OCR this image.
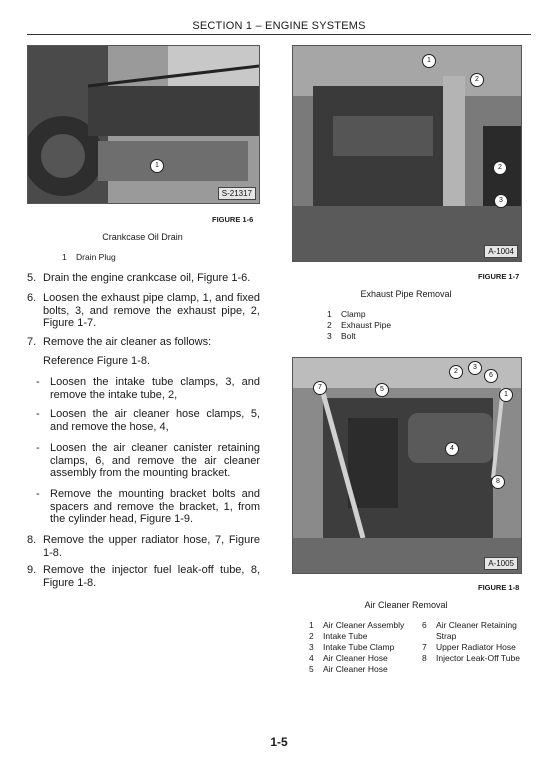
SECTION 1 – ENGINE SYSTEMS
1
S-21317
FIGURE 1-6
Crankcase Oil Drain
1	Drain Plug
1
2
2
3
A-1004
FIGURE 1-7
Exhaust Pipe Removal
1	Clamp
2	Exhaust Pipe
3	Bolt
7	5
2
3
6
1
4
8
A-1005
FIGURE 1-8
Air Cleaner Removal
1	Air Cleaner Assembly
2	Intake Tube
3	Intake Tube Clamp
4	Air Cleaner Hose
5	Air Cleaner Hose
6	Air Cleaner Retaining
Strap
7	Upper Radiator Hose
8	Injector Leak-Off Tube
5. Drain the engine crankcase oil, Figure 1-6.
6. Loosen the exhaust pipe clamp, 1, and fixed bolts, 3, and remove the exhaust pipe, 2, Figure 1-7.
7. Remove the air cleaner as follows:
Reference Figure 1-8.
- Loosen the intake tube clamps, 3, and remove the intake tube, 2,
- Loosen the air cleaner hose clamps, 5, and remove the hose, 4,
- Loosen the air cleaner canister retaining clamps, 6, and remove the air cleaner assembly from the mounting bracket.
- Remove the mounting bracket bolts and spacers and remove the bracket, 1, from the cylinder head, Figure 1-9.
8. Remove the upper radiator hose, 7, Figure 1-8.
9. Remove the injector fuel leak-off tube, 8, Figure 1-8.
1-5
